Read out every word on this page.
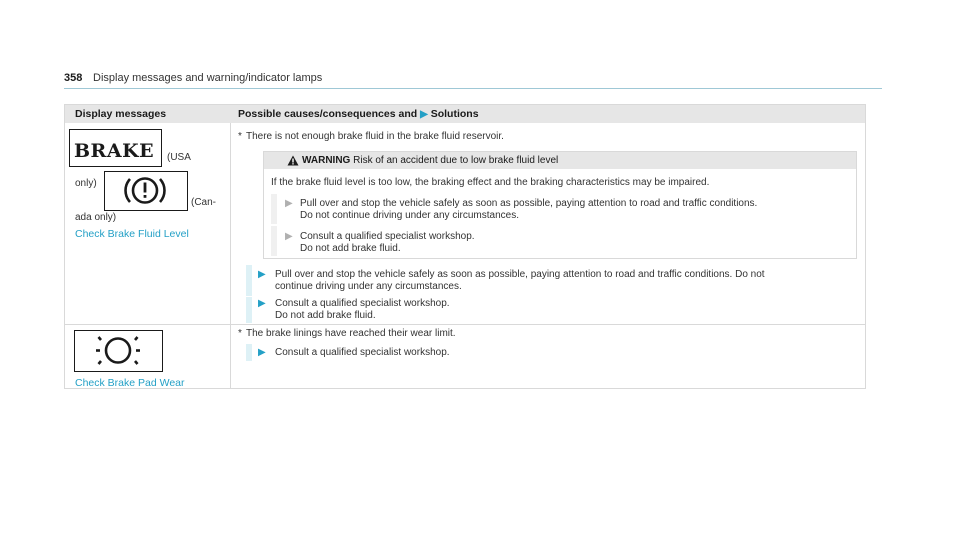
358 Display messages and warning/indicator lamps
Display messages	Possible causes/consequences and ▶ Solutions
BRAKE (USA
only)
(Can-
ada only)
Check Brake Fluid Level
* There is not enough brake fluid in the brake fluid reservoir.
WARNING Risk of an accident due to low brake fluid level
If the brake fluid level is too low, the braking effect and the braking characteristics may be impaired.
▶ Pull over and stop the vehicle safely as soon as possible, paying attention to road and traffic conditions.
Do not continue driving under any circumstances.
▶ Consult a qualified specialist workshop.
Do not add brake fluid.
▶ Pull over and stop the vehicle safely as soon as possible, paying attention to road and traffic conditions. Do not
continue driving under any circumstances.
▶ Consult a qualified specialist workshop.
Do not add brake fluid.
Check Brake Pad Wear
* The brake linings have reached their wear limit.
▶ Consult a qualified specialist workshop.
